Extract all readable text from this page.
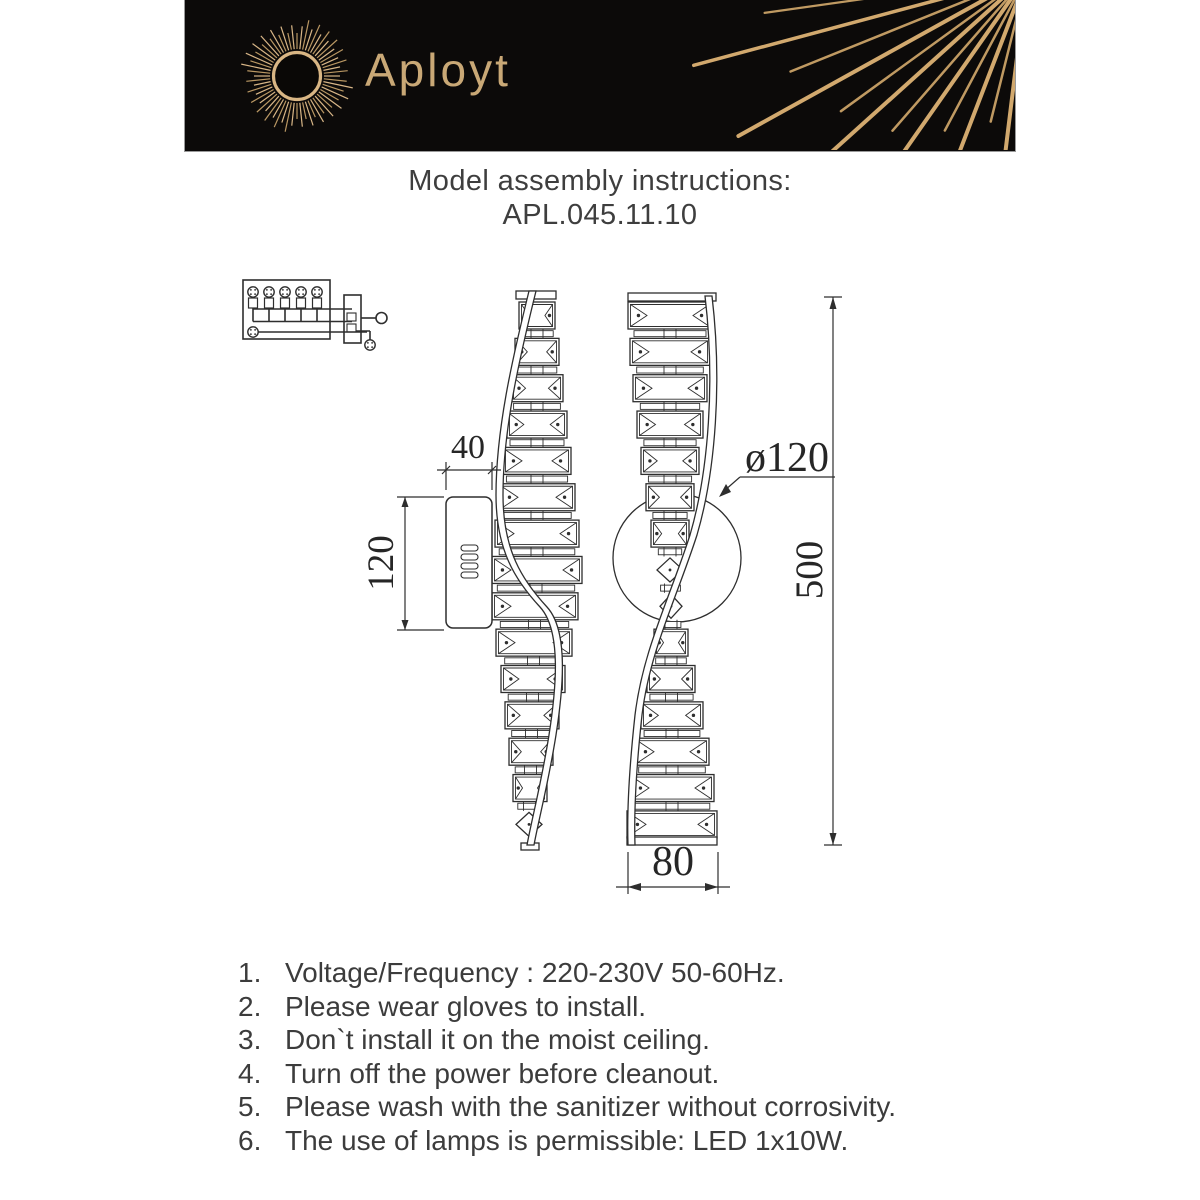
Aployt
Model assembly instructions:
APL.045.11.10
40
120
ø120
500
80
1. Voltage/Frequency : 220-230V 50-60Hz.
2. Please wear gloves to install.
3. Don`t install it on the moist ceiling.
4. Turn off the power before cleanout.
5. Please wash with the sanitizer without corrosivity.
6. The use of lamps is permissible: LED 1x10W.
